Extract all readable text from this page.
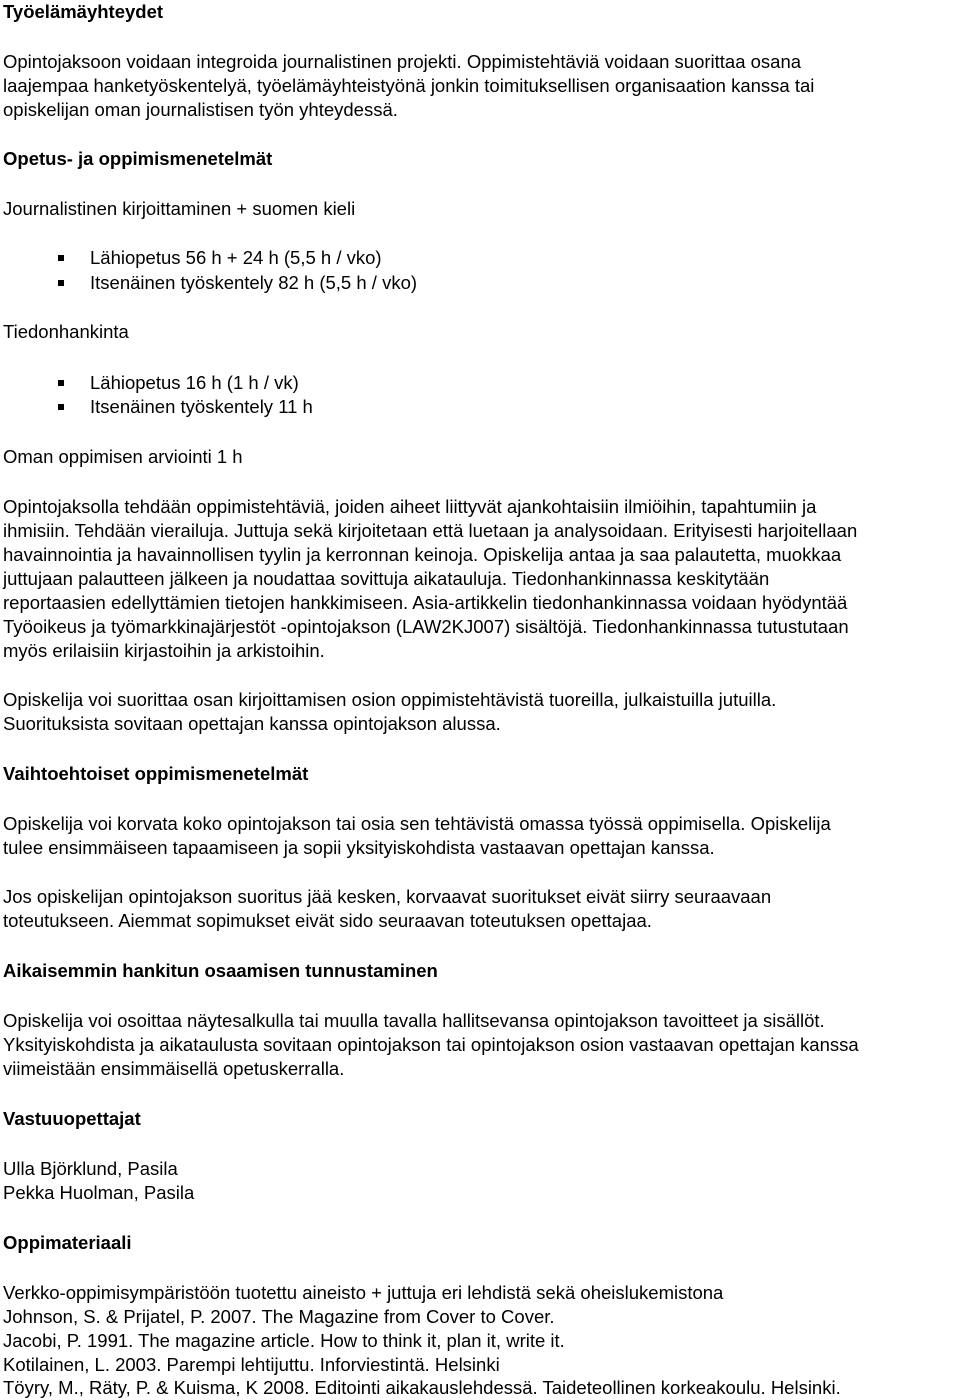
Työelämäyhteydet
Opintojaksoon voidaan integroida journalistinen projekti. Oppimistehtäviä voidaan suorittaa osana
laajempaa hanketyöskentelyä, työelämäyhteistyönä jonkin toimituksellisen organisaation kanssa tai
opiskelijan oman journalistisen työn yhteydessä.
Opetus- ja oppimismenetelmät
Journalistinen kirjoittaminen + suomen kieli
Lähiopetus 56 h + 24 h (5,5 h / vko)
Itsenäinen työskentely 82 h (5,5 h / vko)
Tiedonhankinta
Lähiopetus 16 h (1 h / vk)
Itsenäinen työskentely 11 h
Oman oppimisen arviointi 1 h
Opintojaksolla tehdään oppimistehtäviä, joiden aiheet liittyvät ajankohtaisiin ilmiöihin, tapahtumiin ja
ihmisiin. Tehdään vierailuja. Juttuja sekä kirjoitetaan että luetaan ja analysoidaan. Erityisesti harjoitellaan
havainnointia ja havainnollisen tyylin ja kerronnan keinoja. Opiskelija antaa ja saa palautetta, muokkaa
juttujaan palautteen jälkeen ja noudattaa sovittuja aikatauluja. Tiedonhankinnassa keskitytään
reportaasien edellyttämien tietojen hankkimiseen. Asia-artikkelin tiedonhankinnassa voidaan hyödyntää
Työoikeus ja työmarkkinajärjestöt -opintojakson (LAW2KJ007) sisältöjä. Tiedonhankinnassa tutustutaan
myös erilaisiin kirjastoihin ja arkistoihin.
Opiskelija voi suorittaa osan kirjoittamisen osion oppimistehtävistä tuoreilla, julkaistuilla jutuilla.
Suorituksista sovitaan opettajan kanssa opintojakson alussa.
Vaihtoehtoiset oppimismenetelmät
Opiskelija voi korvata koko opintojakson tai osia sen tehtävistä omassa työssä oppimisella. Opiskelija
tulee ensimmäiseen tapaamiseen ja sopii yksityiskohdista vastaavan opettajan kanssa.
Jos opiskelijan opintojakson suoritus jää kesken, korvaavat suoritukset eivät siirry seuraavaan
toteutukseen. Aiemmat sopimukset eivät sido seuraavan toteutuksen opettajaa.
Aikaisemmin hankitun osaamisen tunnustaminen
Opiskelija voi osoittaa näytesalkulla tai muulla tavalla hallitsevansa opintojakson tavoitteet ja sisällöt.
Yksityiskohdista ja aikataulusta sovitaan opintojakson tai opintojakson osion vastaavan opettajan kanssa
viimeistään ensimmäisellä opetuskerralla.
Vastuuopettajat
Ulla Björklund, Pasila
Pekka Huolman, Pasila
Oppimateriaali
Verkko-oppimisympäristöön tuotettu aineisto + juttuja eri lehdistä sekä oheislukemistona
Johnson, S. & Prijatel, P. 2007. The Magazine from Cover to Cover.
Jacobi, P. 1991. The magazine article. How to think it, plan it, write it.
Kotilainen, L. 2003. Parempi lehtijuttu. Inforviestintä. Helsinki
Töyry, M., Räty, P. & Kuisma, K 2008. Editointi aikakauslehdessä. Taideteollinen korkeakoulu. Helsinki.
